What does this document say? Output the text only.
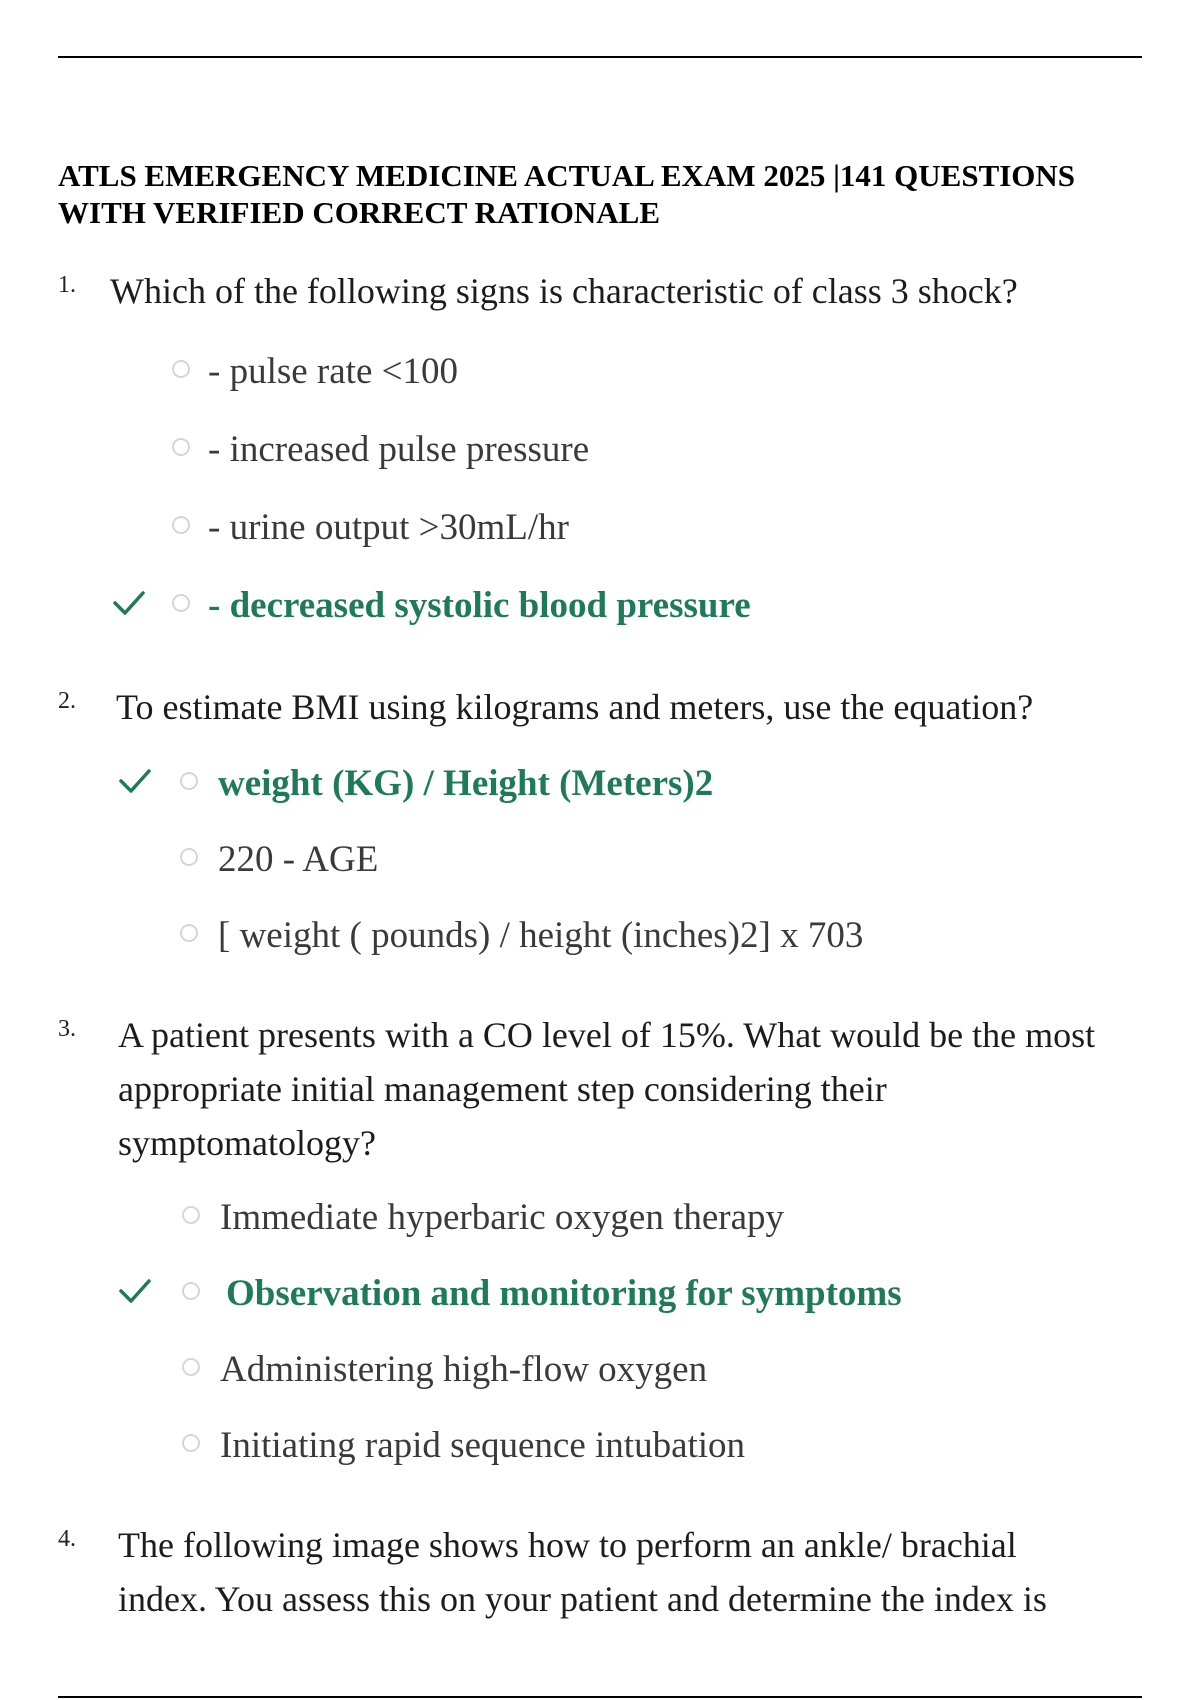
ATLS EMERGENCY MEDICINE ACTUAL EXAM 2025 |141 QUESTIONS
WITH VERIFIED CORRECT RATIONALE
1. Which of the following signs is characteristic of class 3 shock?
- pulse rate <100
- increased pulse pressure
- urine output >30mL/hr
- decreased systolic blood pressure
2. To estimate BMI using kilograms and meters, use the equation?
weight (KG) / Height (Meters)2
220 - AGE
[ weight ( pounds) / height (inches)2] x 703
3. A patient presents with a CO level of 15%. What would be the most
appropriate initial management step considering their
symptomatology?
Immediate hyperbaric oxygen therapy
Observation and monitoring for symptoms
Administering high-flow oxygen
Initiating rapid sequence intubation
4. The following image shows how to perform an ankle/ brachial
index. You assess this on your patient and determine the index is
